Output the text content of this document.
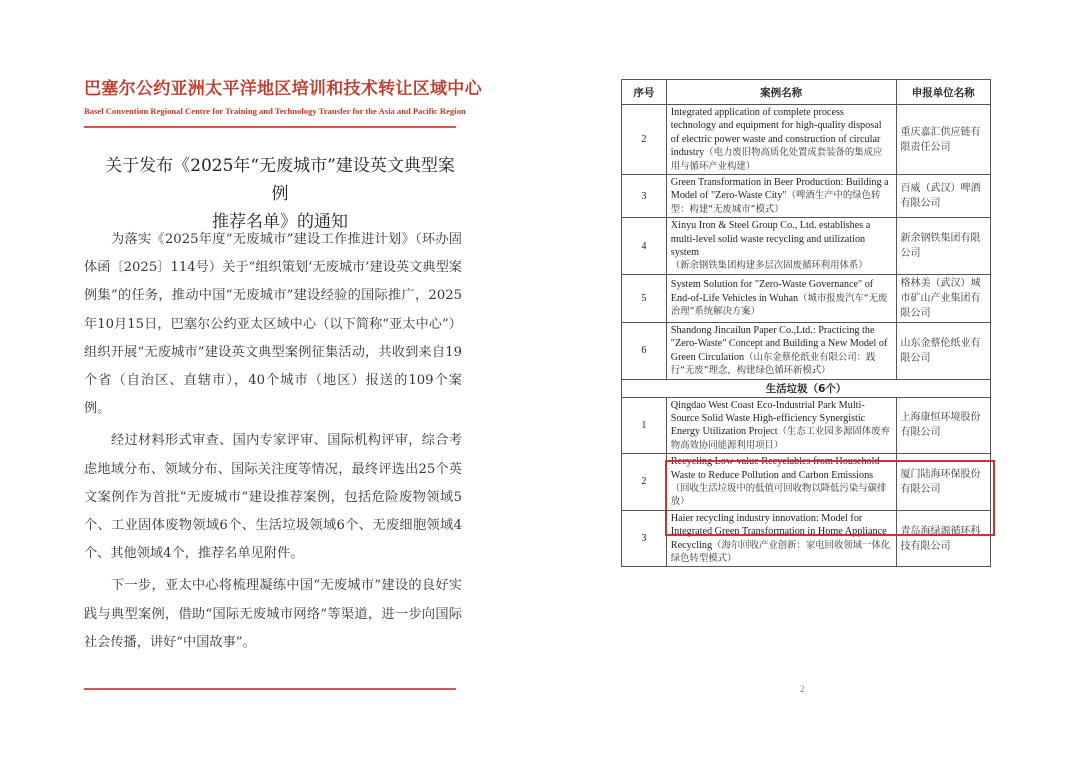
巴塞尔公约亚洲太平洋地区培训和技术转让区域中心
Basel Convention Regional Centre for Training and Technology Transfer for the Asia and Pacific Region
关于发布《2025年“无废城市”建设英文典型案例
推荐名单》的通知

为落实《2025年度“无废城市”建设工作推进计划》（环办固体函〔2025〕114号）关于“组织策划‘无废城市’建设英文典型案例集”的任务，推动中国“无废城市”建设经验的国际推广，2025年10月15日，巴塞尔公约亚太区域中心（以下简称“亚太中心”）组织开展“无废城市”建设英文典型案例征集活动，共收到来自19个省（自治区、直辖市），40个城市（地区）报送的109个案例。

经过材料形式审查、国内专家评审、国际机构评审，综合考虑地域分布、领域分布、国际关注度等情况，最终评选出25个英文案例作为首批“无废城市”建设推荐案例，包括危险废物领域5个、工业固体废物领域6个、生活垃圾领域6个、无废细胞领域4个、其他领域4个，推荐名单见附件。

下一步，亚太中心将梳理凝练中国“无废城市”建设的良好实践与典型案例，借助“国际无废城市网络”等渠道，进一步向国际社会传播，讲好“中国故事”。

序号	案例名称	申报单位名称
2	Integrated application of complete process technology and equipment for high-quality disposal of electric power waste and construction of circular industry（电力废旧物高质化处置成套装备的集成应用与循环产业构建）	重庆嘉汇供应链有限责任公司
3	Green Transformation in Beer Production: Building a Model of "Zero-Waste City"（啤酒生产中的绿色转型：构建“无废城市”模式）	百威（武汉）啤酒有限公司
4	Xinyu Iron & Steel Group Co., Ltd. establishes a multi-level solid waste recycling and utilization system（新余钢铁集团构建多层次固废循环利用体系）	新余钢铁集团有限公司
5	System Solution for "Zero-Waste Governance" of End-of-Life Vehicles in Wuhan（城市报废汽车“无废治理”系统解决方案）	格林美（武汉）城市矿山产业集团有限公司
6	Shandong Jincailun Paper Co.,Ltd.: Practicing the "Zero-Waste" Concept and Building a New Model of Green Circulation（山东金蔡伦纸业有限公司：践行“无废”理念，构建绿色循环新模式）	山东金蔡伦纸业有限公司
生活垃圾（6个）		
1	Qingdao West Coast Eco-Industrial Park Multi-Source Solid Waste High-efficiency Synergistic Energy Utilization Project（生态工业园多源固体废弃物高效协同能源利用项目）	上海康恒环境股份有限公司
2	Recycling Low-value Recyclables from Household Waste to Reduce Pollution and Carbon Emissions（回收生活垃圾中的低值可回收物以降低污染与碳排放）	厦门陆海环保股份有限公司
3	Haier recycling industry innovation: Model for Integrated Green Transformation in Home Appliance Recycling（海尔回收产业创新：家电回收领域一体化绿色转型模式）	青岛海绿源循环科技有限公司
2
